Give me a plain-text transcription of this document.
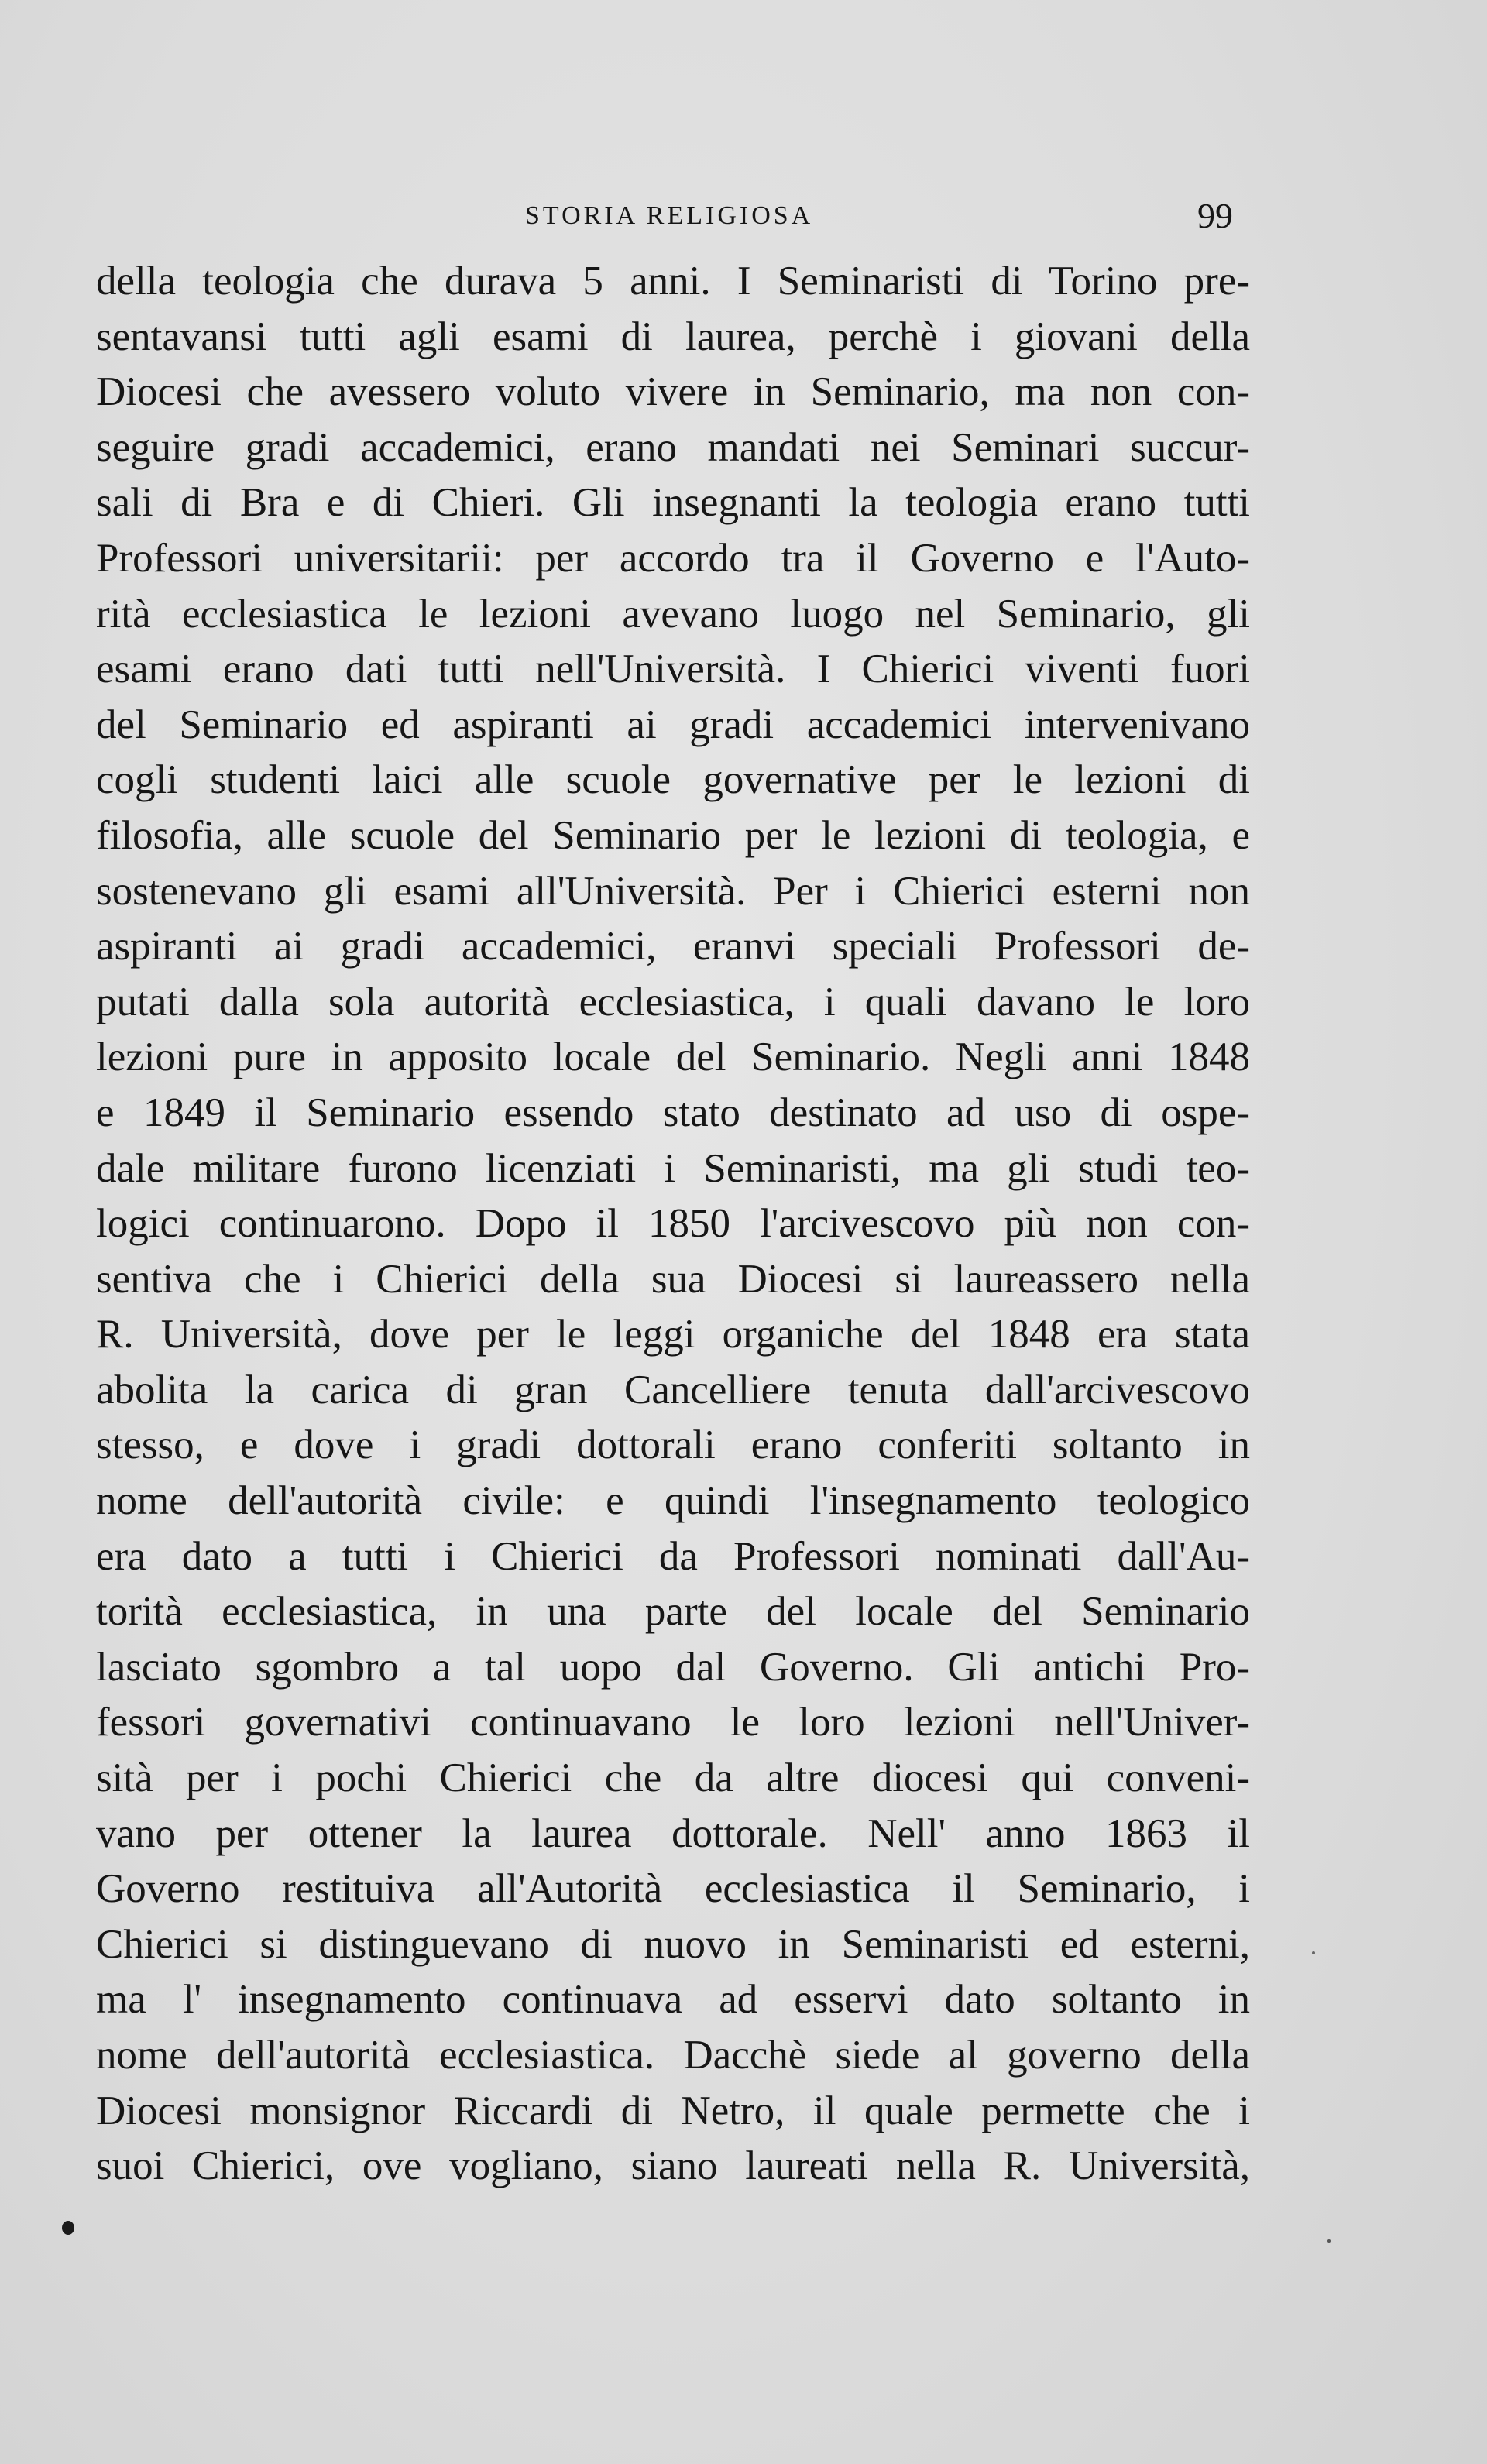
STORIA RELIGIOSA	99
della teologia che durava 5 anni. I Seminaristi di Torino pre-
sentavansi tutti agli esami di laurea, perchè i giovani della
Diocesi che avessero voluto vivere in Seminario, ma non con-
seguire gradi accademici, erano mandati nei Seminari succur-
sali di Bra e di Chieri. Gli insegnanti la teologia erano tutti
Professori universitarii: per accordo tra il Governo e l'Auto-
rità ecclesiastica le lezioni avevano luogo nel Seminario, gli
esami erano dati tutti nell'Università. I Chierici viventi fuori
del Seminario ed aspiranti ai gradi accademici intervenivano
cogli studenti laici alle scuole governative per le lezioni di
filosofia, alle scuole del Seminario per le lezioni di teologia, e
sostenevano gli esami all'Università. Per i Chierici esterni non
aspiranti ai gradi accademici, eranvi speciali Professori de-
putati dalla sola autorità ecclesiastica, i quali davano le loro
lezioni pure in apposito locale del Seminario. Negli anni 1848
e 1849 il Seminario essendo stato destinato ad uso di ospe-
dale militare furono licenziati i Seminaristi, ma gli studi teo-
logici continuarono. Dopo il 1850 l'arcivescovo più non con-
sentiva che i Chierici della sua Diocesi si laureassero nella
R. Università, dove per le leggi organiche del 1848 era stata
abolita la carica di gran Cancelliere tenuta dall'arcivescovo
stesso, e dove i gradi dottorali erano conferiti soltanto in
nome dell'autorità civile: e quindi l'insegnamento teologico
era dato a tutti i Chierici da Professori nominati dall'Au-
torità ecclesiastica, in una parte del locale del Seminario
lasciato sgombro a tal uopo dal Governo. Gli antichi Pro-
fessori governativi continuavano le loro lezioni nell'Univer-
sità per i pochi Chierici che da altre diocesi qui conveni-
vano per ottener la laurea dottorale. Nell' anno 1863 il
Governo restituiva all'Autorità ecclesiastica il Seminario, i
Chierici si distinguevano di nuovo in Seminaristi ed esterni,
ma l' insegnamento continuava ad esservi dato soltanto in
nome dell'autorità ecclesiastica. Dacchè siede al governo della
Diocesi monsignor Riccardi di Netro, il quale permette che i
suoi Chierici, ove vogliano, siano laureati nella R. Università,
